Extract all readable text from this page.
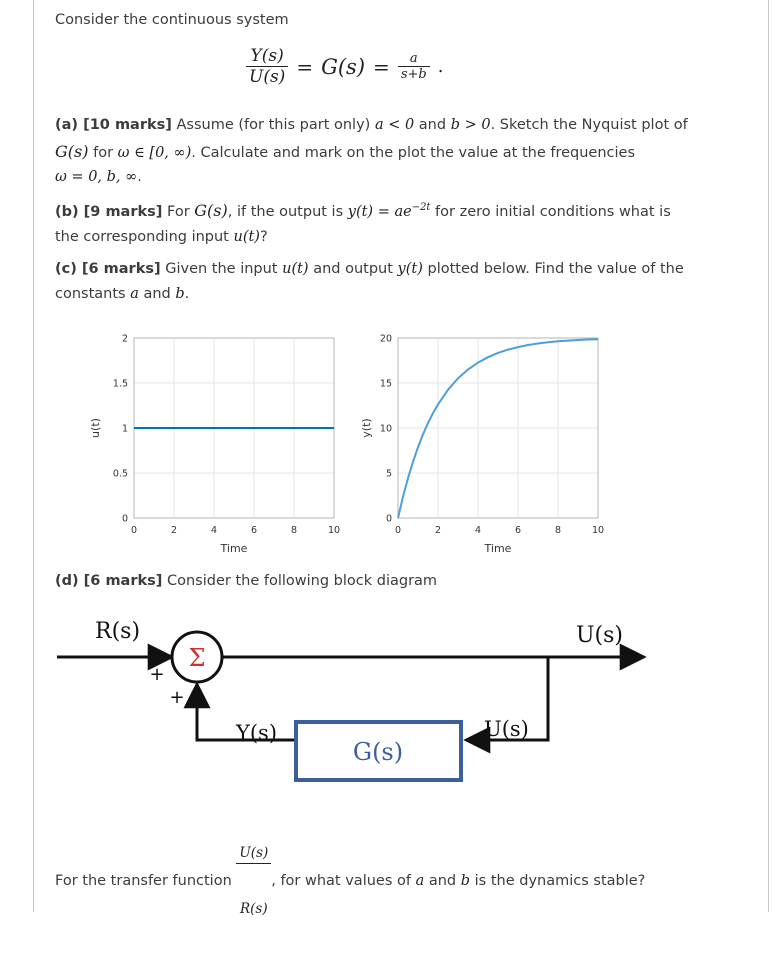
Consider the continuous system
$\frac{Y(s)}{U(s)} = G(s) = \frac{a}{s+b}$ .
(a) [10 marks] Assume (for this part only) a < 0 and b > 0. Sketch the Nyquist plot of
G(s) for ω ∈ [0, ∞). Calculate and mark on the plot the value at the frequencies
ω = 0, b, ∞.
(b) [9 marks] For G(s), if the output is $y(t) = ae^{-2t}$ for zero initial conditions what is
the corresponding input u(t)?
(c) [6 marks] Given the input u(t) and output y(t) plotted below. Find the value of the
constants a and b.
0	2	4	6	8	10
0
0.5
1
1.5
2
Time
u(t)
0	2	4	6	8	10
0
5
10
15
20
Time
y(t)
(d) [6 marks] Consider the following block diagram
Σ
G(s)
R(s)	U(s)
+
+
Y(s)	U(s)
For the transfer function

$\frac{U(s)}{R(s)}$

, for what values of a and b is the dynamics stable?
